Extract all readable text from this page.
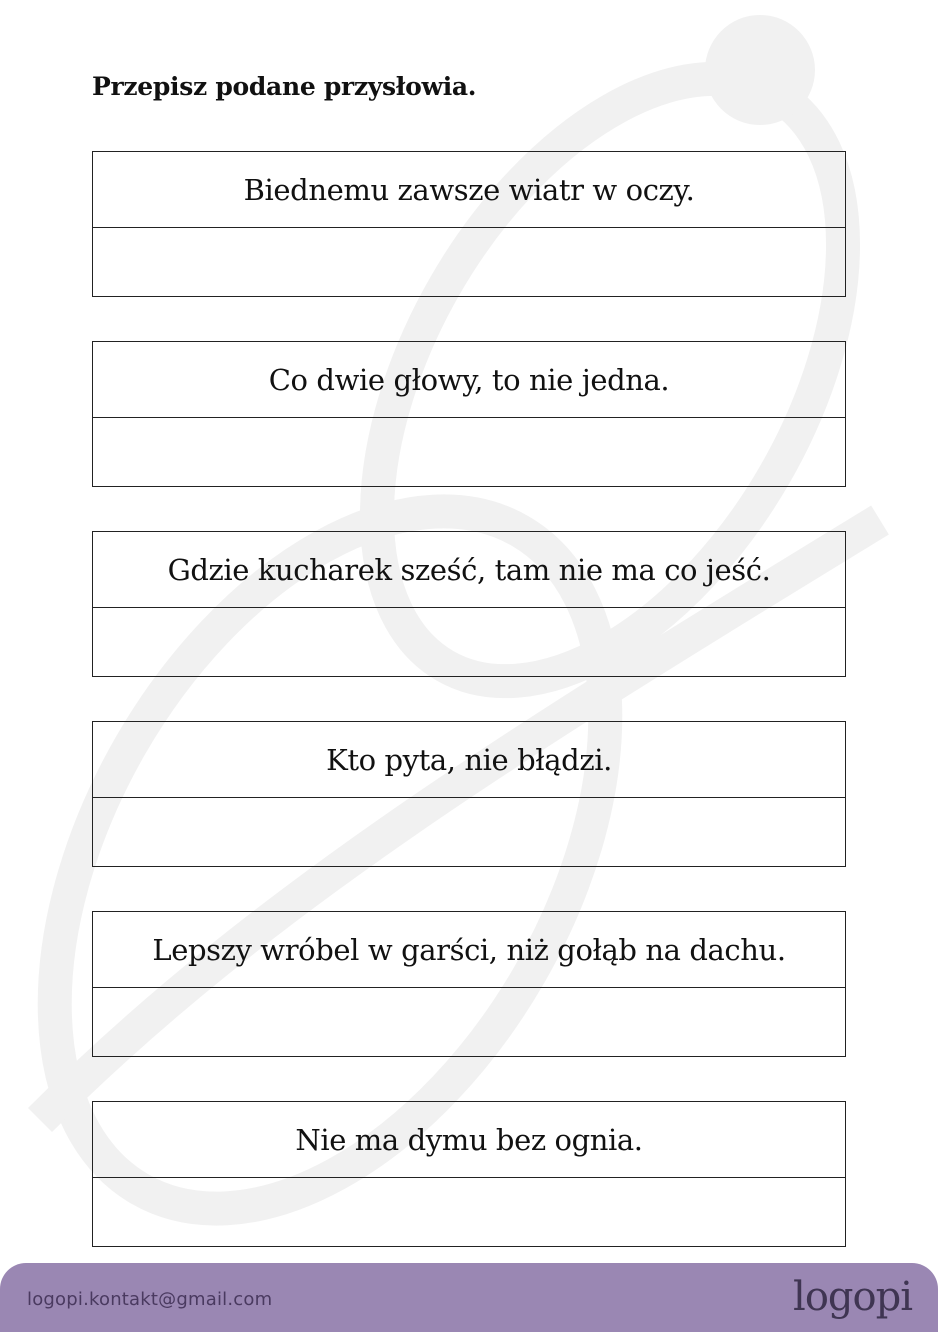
Przepisz podane przysłowia.

Biednemu zawsze wiatr w oczy.
Co dwie głowy, to nie jedna.
Gdzie kucharek sześć, tam nie ma co jeść.
Kto pyta, nie błądzi.
Lepszy wróbel w garści, niż gołąb na dachu.
Nie ma dymu bez ognia.
logopi.kontakt@gmail.com	logopi
